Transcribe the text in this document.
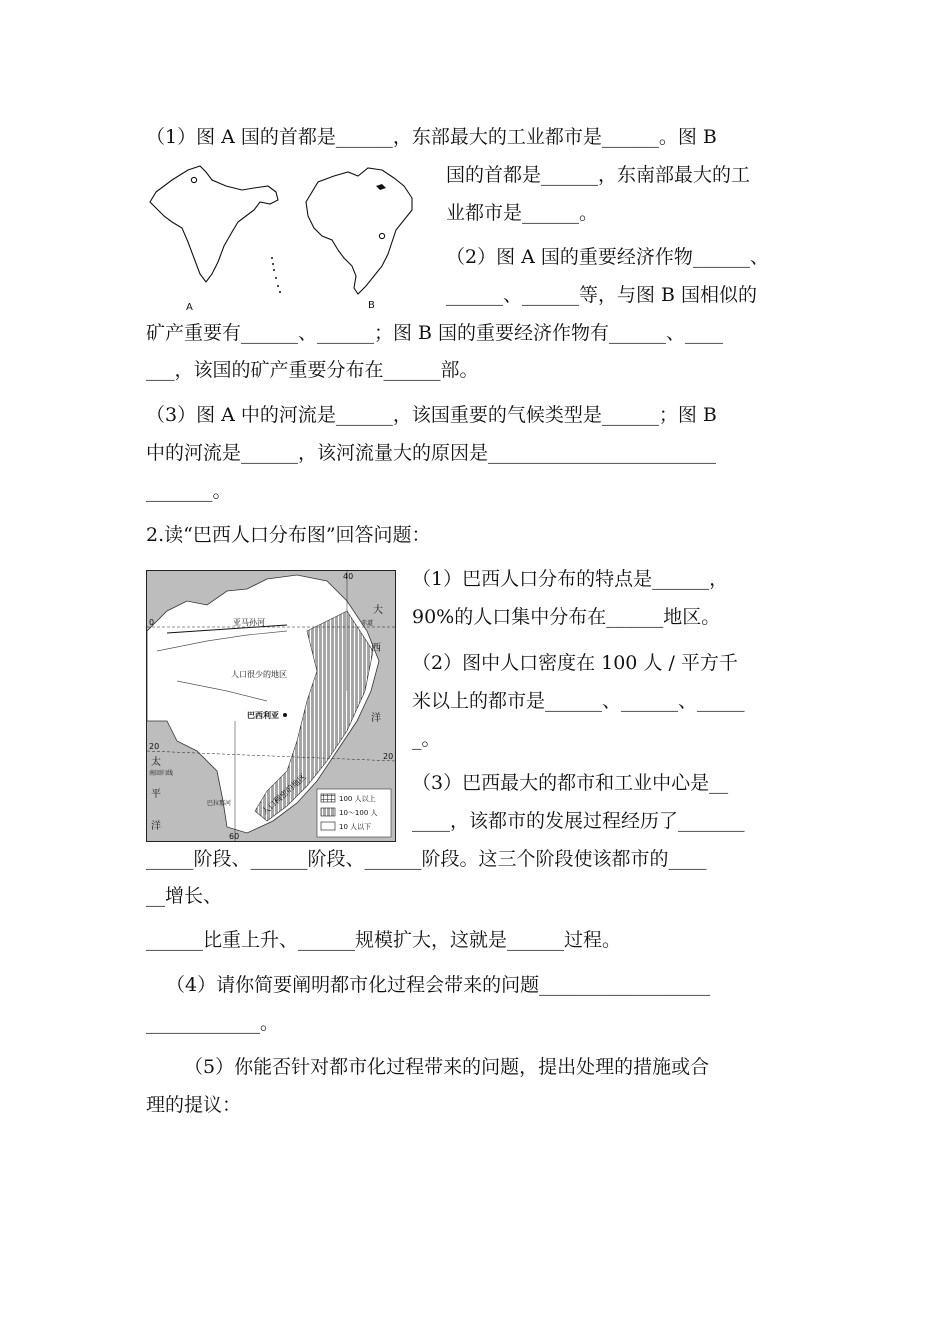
（1）图 A 国的首都是______，东部最大的工业都市是______。图 B
国的首都是______，东南部最大的工
业都市是______。
（2）图 A 国的重要经济作物______、
______、______等，与图 B 国相似的
矿产重要有______、______；图 B 国的重要经济作物有______、____
___，该国的矿产重要分布在______部。
（3）图 A 中的河流是______，该国重要的气候类型是______；图 B
中的河流是______，该河流量大的原因是________________________
_______。
A	B
2.读“巴西人口分布图”回答问题：
40
大
西
洋
0	赤道
亚马孙河
人口很少的地区
巴西利亚
人口稠密的地区
20
20
太
南回归线
平
洋
60
巴拉那河
100 人以上
10～100 人
10 人以下
（1）巴西人口分布的特点是______，
90%的人口集中分布在______地区。
（2）图中人口密度在 100 人 / 平方千
米以上的都市是______、______、_____
_。
（3）巴西最大的都市和工业中心是__
____，该都市的发展过程经历了_______
_____阶段、______阶段、______阶段。这三个阶段使该都市的____
__增长、
______比重上升、______规模扩大，这就是______过程。
（4）请你简要阐明都市化过程会带来的问题__________________
____________。
（5）你能否针对都市化过程带来的问题，提出处理的措施或合
理的提议：
